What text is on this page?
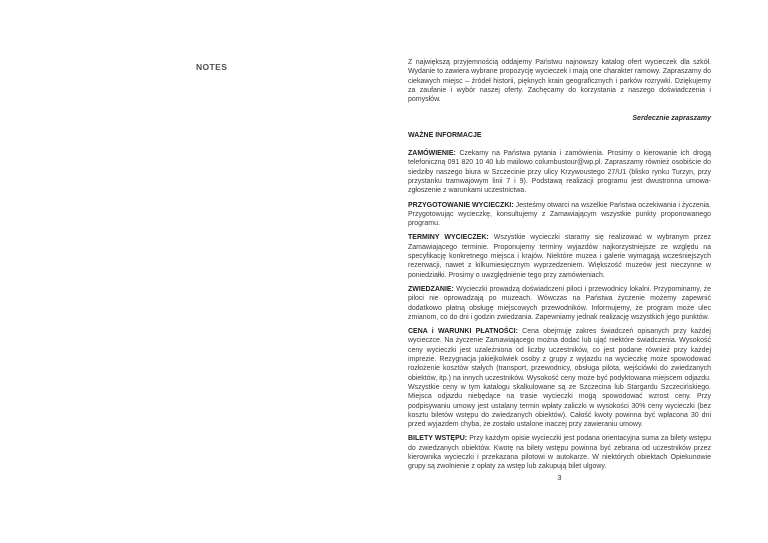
NOTES	Z największą przyjemnością oddajemy Państwu najnowszy katalog ofert wycieczek dla szkół. Wydanie to zawiera wybrane propozycję wycieczek i mają one charakter ramowy. Zapraszamy do ciekawych miejsc – źródeł historii, pięknych krain geograficznych i parków rozrywki. Dziękujemy za zaufanie i wybór naszej oferty. Zachęcamy do korzystania z naszego doświadczenia i pomysłów.

Serdecznie zapraszamy

WAŻNE INFORMACJE

ZAMÓWIENIE: Czekamy na Państwa pytania i zamówienia. Prosimy o kierowanie ich drogą telefoniczną 091 820 10 40 lub mailowo columbustour@wp.pl. Zapraszamy również osobiście do siedziby naszego biura w Szczecinie przy ulicy Krzywoustego 27/U1 (blisko rynku Turzyn, przy przystanku tramwajowym linii 7 i 9). Podstawą realizacji programu jest dwustronna umowa-zgłoszenie z warunkami uczestnictwa.

PRZYGOTOWANIE WYCIECZKI: Jesteśmy otwarci na wszelkie Państwa oczekiwania i życzenia. Przygotowując wycieczkę, konsultujemy z Zamawiającym wszystkie punkty proponowanego programu.

TERMINY WYCIECZEK: Wszystkie wycieczki staramy się realizować w wybranym przez Zamawiającego terminie. Proponujemy terminy wyjazdów najkorzystniejsze ze względu na specyfikację konkretnego miejsca i krajów. Niektóre muzea i galerie wymagają wcześniejszych rezerwacji, nawet z kilkumiesięcznym wyprzedzeniem. Większość muzeów jest nieczynne w poniedziałki. Prosimy o uwzględnienie tego przy zamówieniach.

ZWIEDZANIE: Wycieczki prowadzą doświadczeni piloci i przewodnicy lokalni. Przypominamy, że piloci nie oprowadzają po muzeach. Wówczas na Państwa życzenie możemy zapewnić dodatkowo płatną obsługę miejscowych przewodników. Informujemy, że program może ulec zmianom, co do dni i godzin zwiedzania. Zapewniamy jednak realizację wszystkich jego punktów.

CENA i WARUNKI PŁATNOŚCI: Cena obejmuję zakres świadczeń opisanych przy każdej wycieczce. Na życzenie Zamawiającego można dodać lub ująć niektóre świadczenia. Wysokość ceny wycieczki jest uzależniona od liczby uczestników, co jest podane również przy każdej imprezie. Rezygnacja jakiejkolwiek osoby z grupy z wyjazdu na wycieczkę może spowodować rozłożenie kosztów stałych (transport, przewodnicy, obsługa pilota, wejściówki do zwiedzanych obiektów, itp.) na innych uczestników. Wysokość ceny może być podyktowana miejscem odjazdu. Wszystkie ceny w tym katalogu skalkulowane są ze Szczecina lub Stargardu Szczecińskiego. Miejsca odjazdu niebędące na trasie wycieczki mogą spowodować wzrost ceny. Przy podpisywaniu umowy jest ustalany termin wpłaty zaliczki w wysokości 30% ceny wycieczki (bez kosztu biletów wstępu do zwiedzanych obiektów). Całość kwoty powinna być wpłacona 30 dni przed wyjazdem chyba, że zostało ustalone inaczej przy zawieraniu umowy.

BILETY WSTĘPU: Przy każdym opisie wycieczki jest podana orientacyjna suma za bilety wstępu do zwiedzanych obiektów. Kwotę na bilety wstępu powinna być zebrana od uczestników przez kierownika wycieczki i przekazana pilotowi w autokarze. W niektórych obiektach Opiekunowie grupy są zwolnienie z opłaty za wstęp lub zakupują bilet ulgowy.

3
